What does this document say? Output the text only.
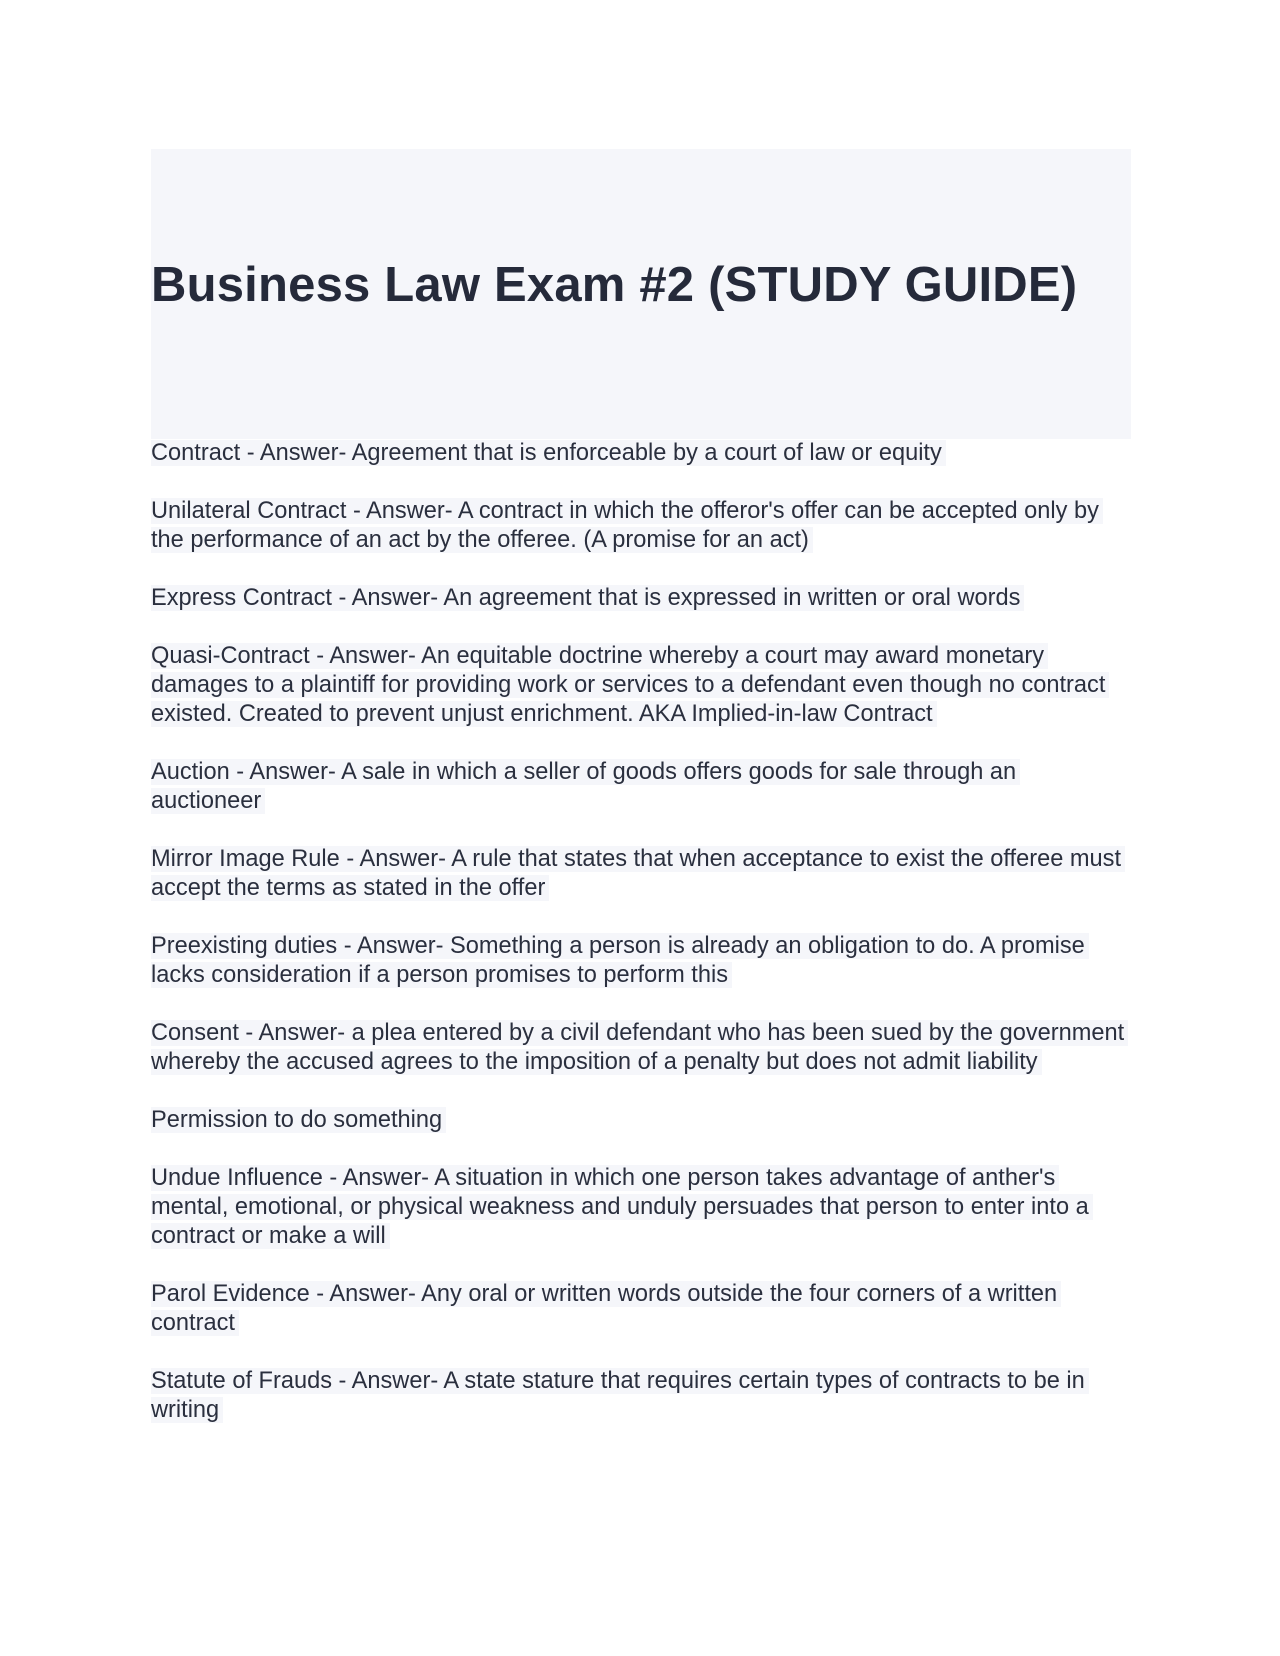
Business Law Exam #2 (STUDY GUIDE)
Contract - Answer- Agreement that is enforceable by a court of law or equity
Unilateral Contract - Answer- A contract in which the offeror's offer can be accepted only by the performance of an act by the offeree. (A promise for an act)
Express Contract - Answer- An agreement that is expressed in written or oral words
Quasi-Contract - Answer- An equitable doctrine whereby a court may award monetary damages to a plaintiff for providing work or services to a defendant even though no contract existed. Created to prevent unjust enrichment. AKA Implied-in-law Contract
Auction - Answer- A sale in which a seller of goods offers goods for sale through an auctioneer
Mirror Image Rule - Answer- A rule that states that when acceptance to exist the offeree must accept the terms as stated in the offer
Preexisting duties - Answer- Something a person is already an obligation to do. A promise lacks consideration if a person promises to perform this
Consent - Answer- a plea entered by a civil defendant who has been sued by the government whereby the accused agrees to the imposition of a penalty but does not admit liability
Permission to do something
Undue Influence - Answer- A situation in which one person takes advantage of anther's mental, emotional, or physical weakness and unduly persuades that person to enter into a contract or make a will
Parol Evidence - Answer- Any oral or written words outside the four corners of a written contract
Statute of Frauds - Answer- A state stature that requires certain types of contracts to be in writing
